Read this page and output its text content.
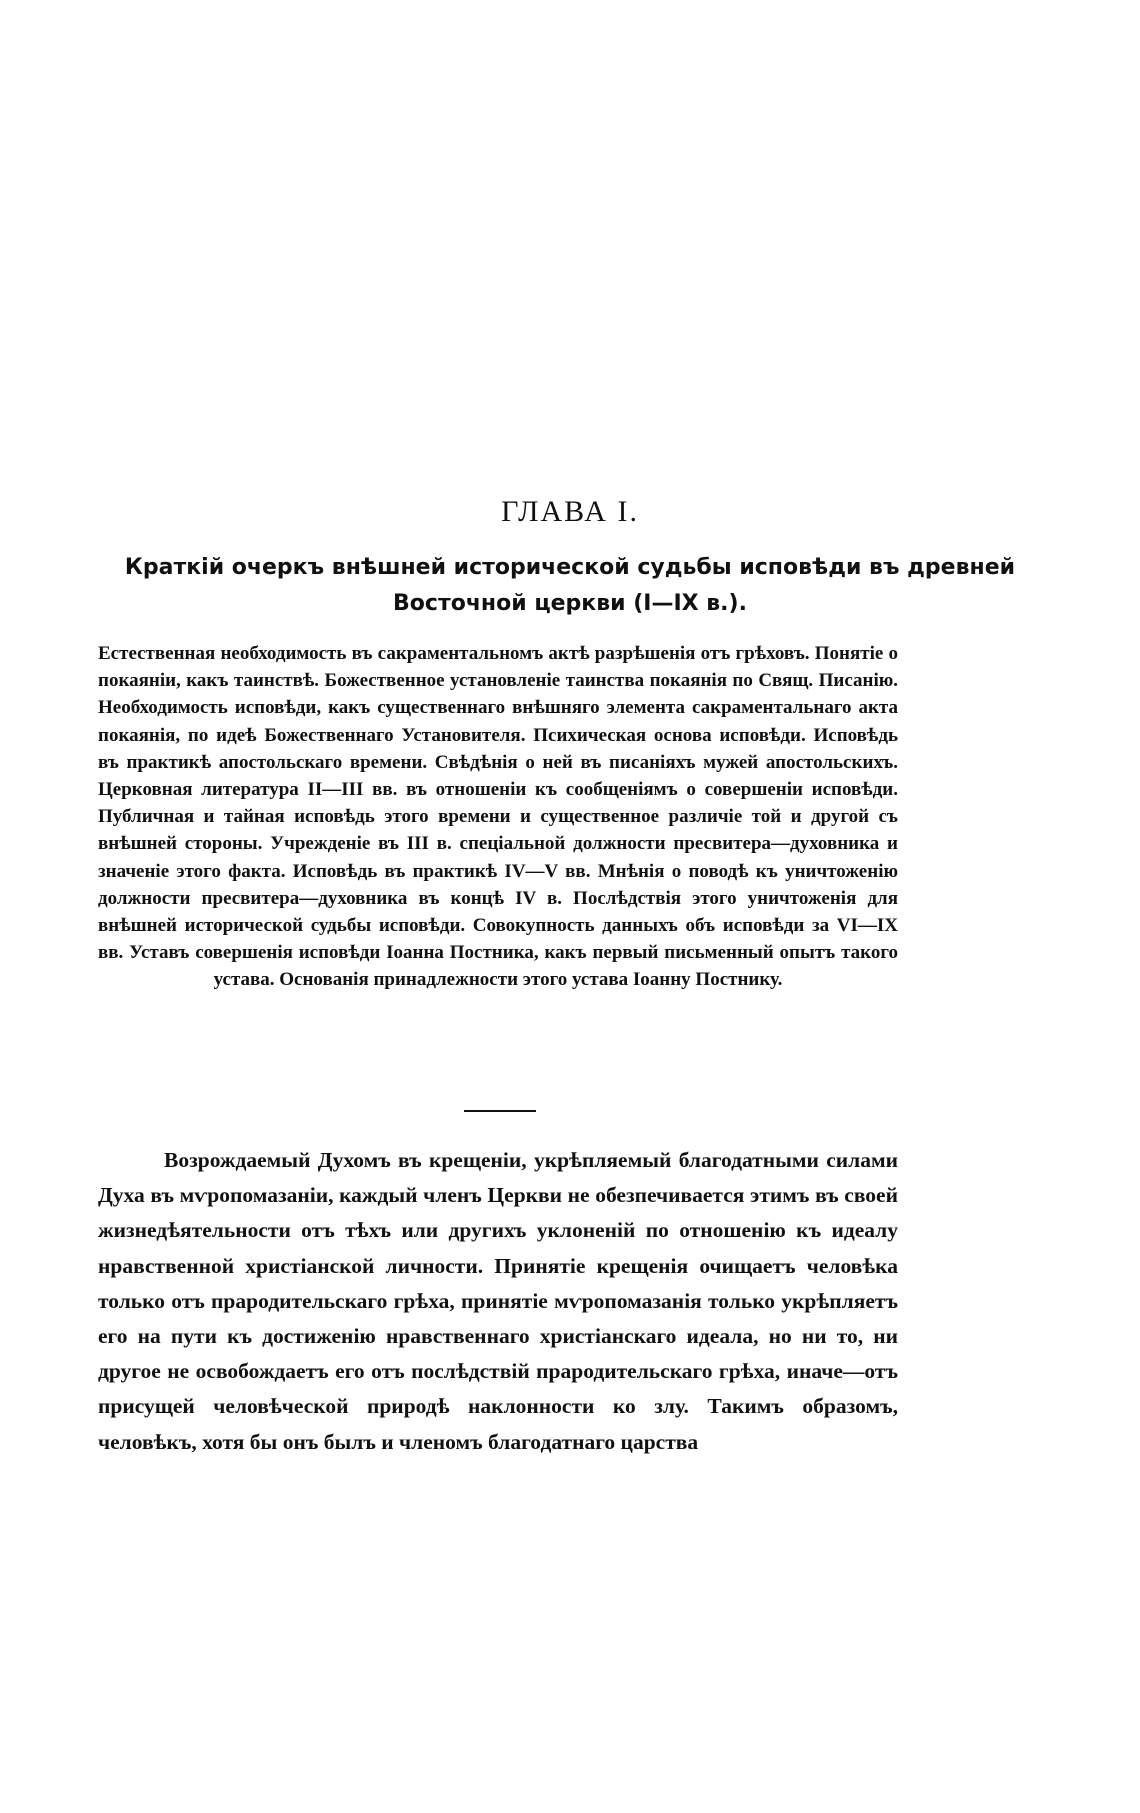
ГЛАВА I.
Краткій очеркъ внѣшней исторической судьбы исповѣди въ древней Восточной церкви (I—IX в.).
Естественная необходимость въ сакраментальномъ актѣ разрѣшенія отъ грѣховъ. Понятіе о покаяніи, какъ таинствѣ. Божественное установленіе таинства покаянія по Свящ. Писанію. Необходимость исповѣди, какъ существеннаго внѣшняго элемента сакраментальнаго акта покаянія, по идеѣ Божественнаго Установителя. Психическая основа исповѣди. Исповѣдь въ практикѣ апостольскаго времени. Свѣдѣнія о ней въ писаніяхъ мужей апостольскихъ. Церковная литература II—III вв. въ отношеніи къ сообщеніямъ о совершеніи исповѣди. Публичная и тайная исповѣдь этого времени и существенное различіе той и другой съ внѣшней стороны. Учрежденіе въ III в. спеціальной должности пресвитера—духовника и значеніе этого факта. Исповѣдь въ практикѣ IV—V вв. Мнѣнія о поводѣ къ уничтоженію должности пресвитера—духовника въ концѣ IV в. Послѣдствія этого уничтоженія для внѣшней исторической судьбы исповѣди. Совокупность данныхъ объ исповѣди за VI—IX вв. Уставъ совершенія исповѣди Іоанна Постника, какъ первый письменный опытъ такого устава. Основанія принадлежности этого устава Іоанну Постнику.
Возрождаемый Духомъ въ крещеніи, укрѣпляемый благодатными силами Духа въ мѵропомазаніи, каждый членъ Церкви не обезпечивается этимъ въ своей жизнедѣятельности отъ тѣхъ или другихъ уклоненій по отношенію къ идеалу нравственной христіанской личности. Принятіе крещенія очищаетъ человѣка только отъ прародительскаго грѣха, принятіе мѵропомазанія только укрѣпляетъ его на пути къ достиженію нравственнаго христіанскаго идеала, но ни то, ни другое не освобождаетъ его отъ послѣдствій прародительскаго грѣха, иначе—отъ присущей человѣческой природѣ наклонности ко злу. Такимъ образомъ, человѣкъ, хотя бы онъ былъ и членомъ благодатнаго царства
